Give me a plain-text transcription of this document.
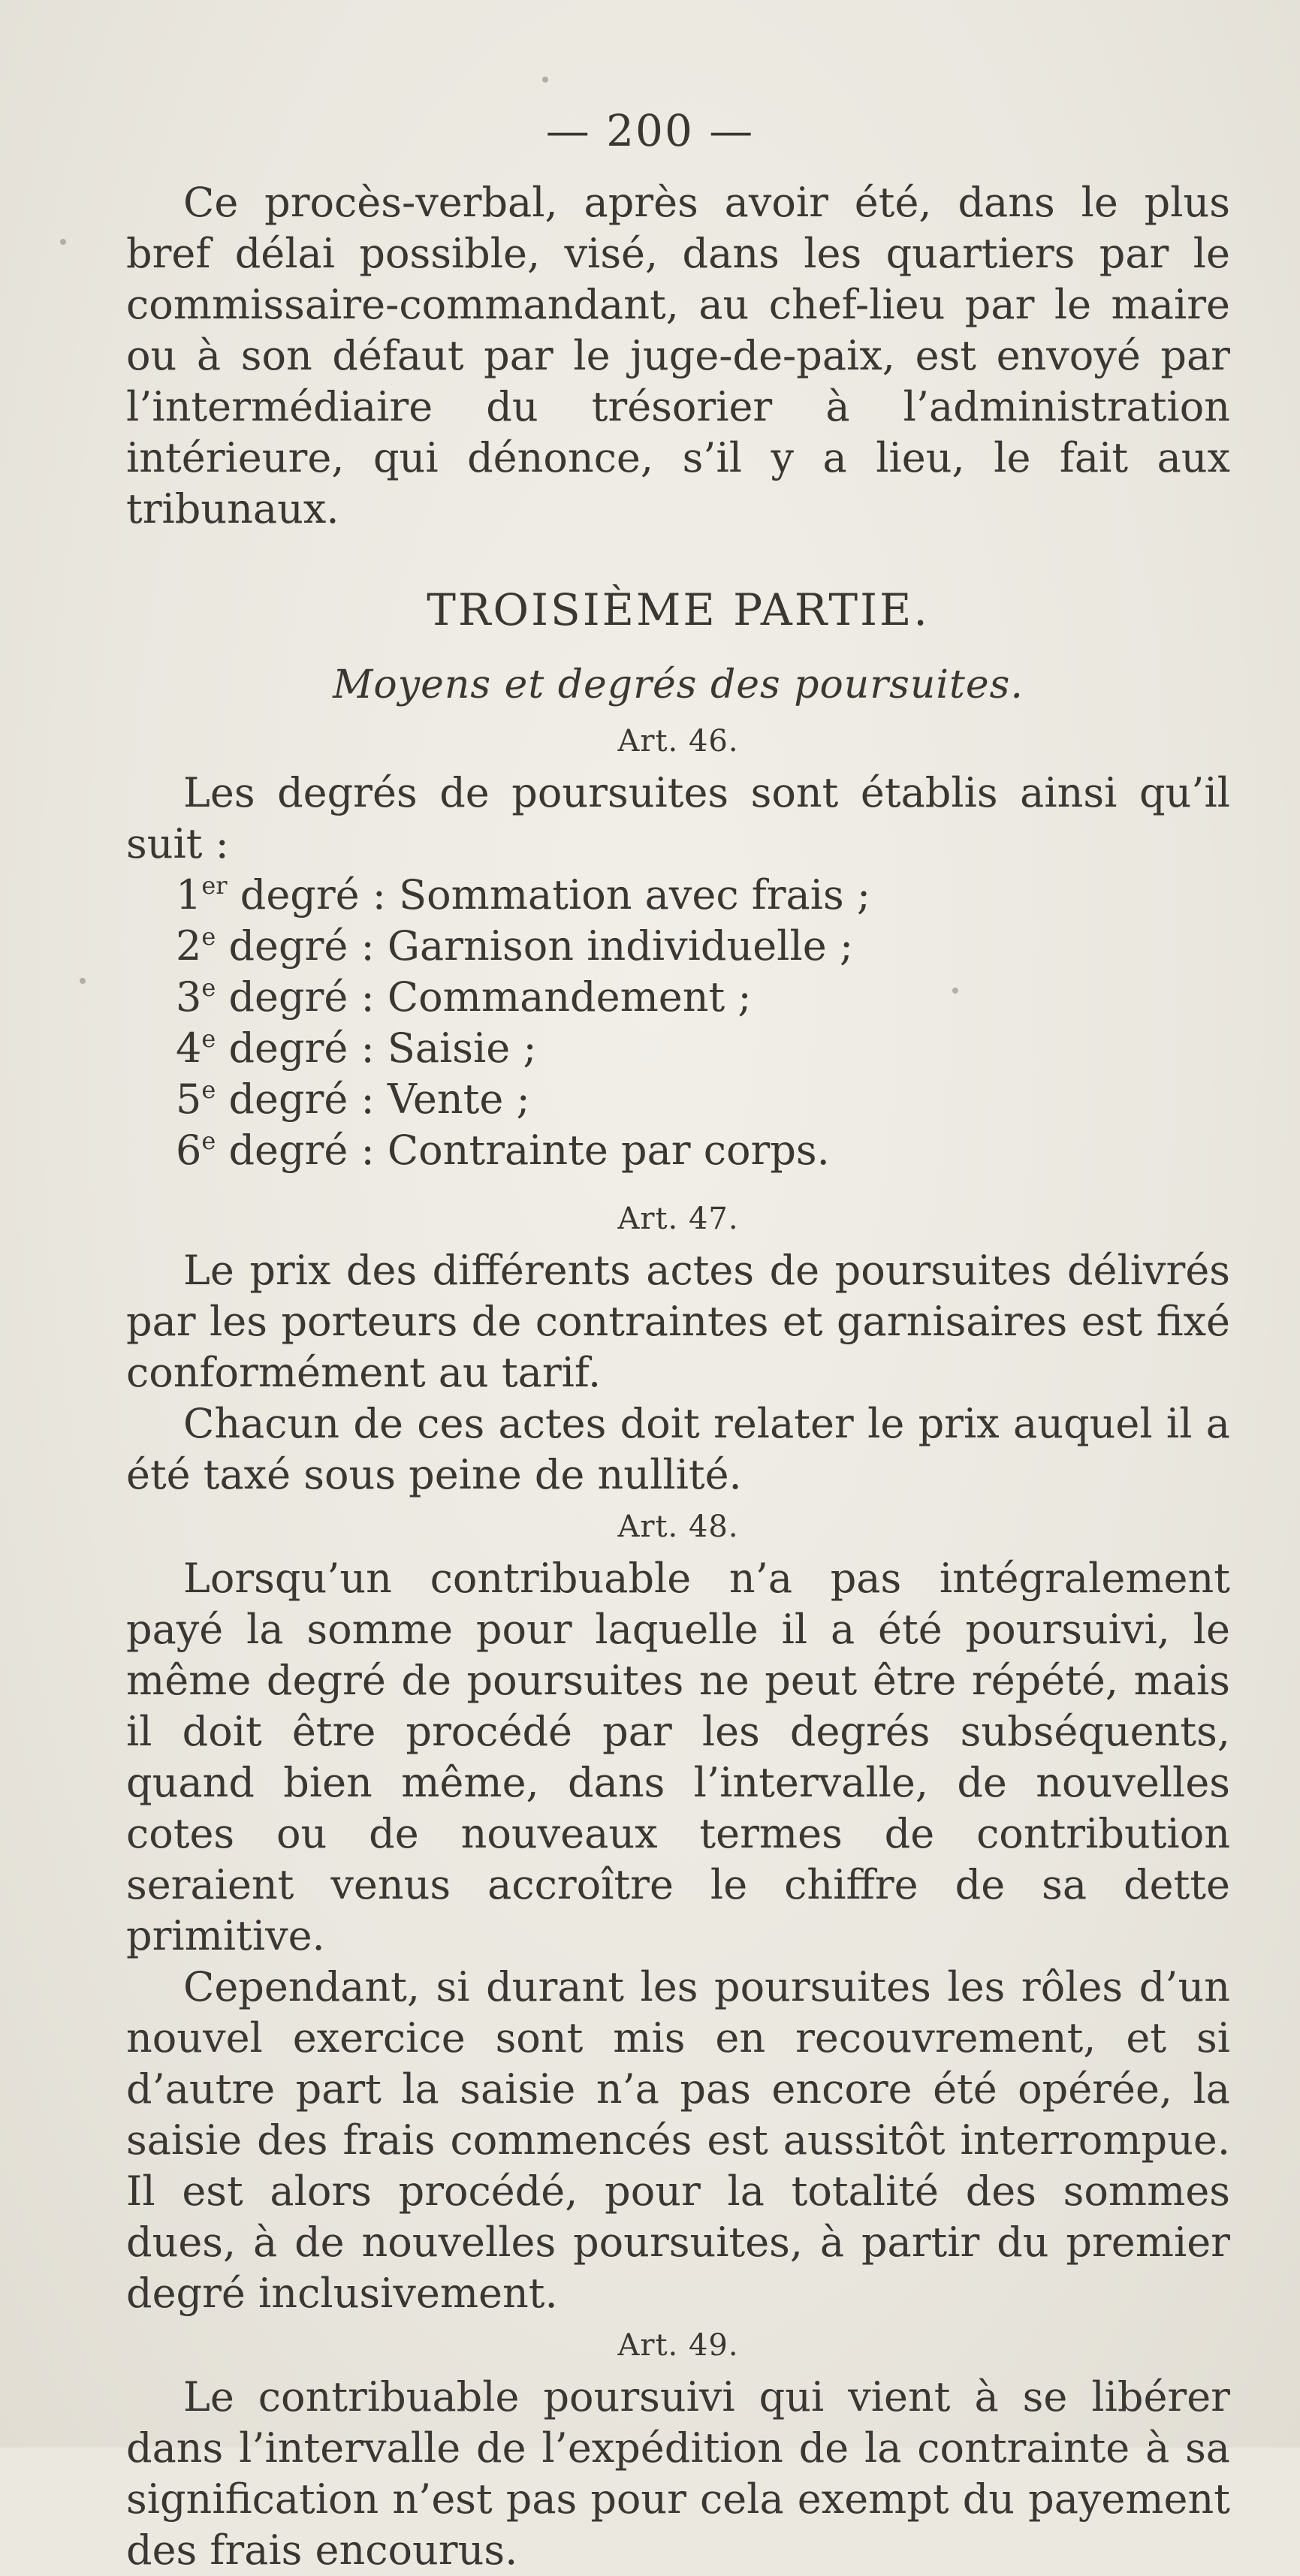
— 200 —

Ce procès-verbal, après avoir été, dans le plus bref délai possible, visé, dans les quartiers par le commissaire-commandant, au chef-lieu par le maire ou à son défaut par le juge-de-paix, est envoyé par l’intermédiaire du trésorier à l’administration intérieure, qui dénonce, s’il y a lieu, le fait aux tribunaux.

TROISIÈME PARTIE.

Moyens et degrés des poursuites.

Art. 46.

Les degrés de poursuites sont établis ainsi qu’il suit :

1er degré : Sommation avec frais ;

2e degré : Garnison individuelle ;

3e degré : Commandement ;

4e degré : Saisie ;

5e degré : Vente ;

6e degré : Contrainte par corps.

Art. 47.

Le prix des différents actes de poursuites délivrés par les porteurs de contraintes et garnisaires est fixé conformément au tarif.

Chacun de ces actes doit relater le prix auquel il a été taxé sous peine de nullité.

Art. 48.

Lorsqu’un contribuable n’a pas intégralement payé la somme pour laquelle il a été poursuivi, le même degré de poursuites ne peut être répété, mais il doit être procédé par les degrés subséquents, quand bien même, dans l’intervalle, de nouvelles cotes ou de nouveaux termes de contribution seraient venus accroître le chiffre de sa dette primitive.

Cependant, si durant les poursuites les rôles d’un nouvel exercice sont mis en recouvrement, et si d’autre part la saisie n’a pas encore été opérée, la saisie des frais commencés est aussitôt interrompue. Il est alors procédé, pour la totalité des sommes dues, à de nouvelles poursuites, à partir du premier degré inclusivement.

Art. 49.

Le contribuable poursuivi qui vient à se libérer dans l’intervalle de l’expédition de la contrainte à sa signification n’est pas pour cela exempt du payement des frais encourus.
